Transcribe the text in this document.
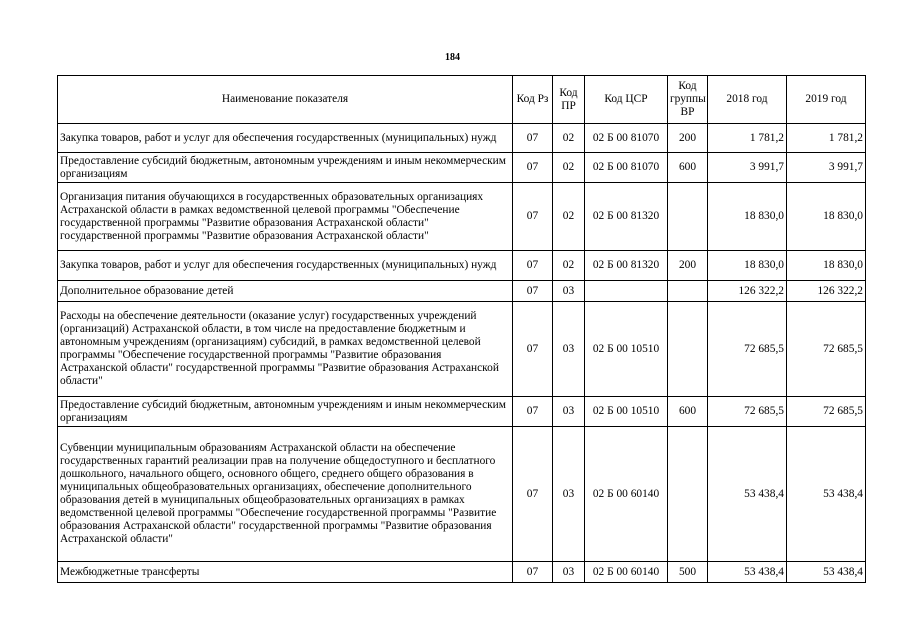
184
Наименование показателя	Код Рз	Код ПР	Код ЦСР	Код группы ВР	2018 год	2019 год
Закупка товаров, работ и услуг для обеспечения государственных (муниципальных) нужд	07	02	02 Б 00 81070	200	1 781,2	1 781,2
Предоставление субсидий бюджетным, автономным учреждениям и иным некоммерческим организациям	07	02	02 Б 00 81070	600	3 991,7	3 991,7
Организация питания обучающихся в государственных образовательных организациях Астраханской области в рамках ведомственной целевой программы "Обеспечение государственной программы "Развитие образования Астраханской области" государственной программы "Развитие образования Астраханской области"	07	02	02 Б 00 81320		18 830,0	18 830,0
Закупка товаров, работ и услуг для обеспечения государственных (муниципальных) нужд	07	02	02 Б 00 81320	200	18 830,0	18 830,0
Дополнительное образование детей	07	03			126 322,2	126 322,2
Расходы на обеспечение деятельности (оказание услуг) государственных учреждений (организаций) Астраханской области, в том числе на предоставление бюджетным и автономным учреждениям (организациям) субсидий, в рамках ведомственной целевой программы "Обеспечение государственной программы "Развитие образования Астраханской области" государственной программы "Развитие образования Астраханской области"	07	03	02 Б 00 10510		72 685,5	72 685,5
Предоставление субсидий бюджетным, автономным учреждениям и иным некоммерческим организациям	07	03	02 Б 00 10510	600	72 685,5	72 685,5
Субвенции муниципальным образованиям Астраханской области на обеспечение государственных гарантий реализации прав на получение общедоступного и бесплатного дошкольного, начального общего, основного общего, среднего общего образования в муниципальных общеобразовательных организациях, обеспечение дополнительного образования детей в муниципальных общеобразовательных организациях в рамках ведомственной целевой программы "Обеспечение государственной программы "Развитие образования Астраханской области" государственной программы "Развитие образования Астраханской области"	07	03	02 Б 00 60140		53 438,4	53 438,4
Межбюджетные трансферты	07	03	02 Б 00 60140	500	53 438,4	53 438,4
